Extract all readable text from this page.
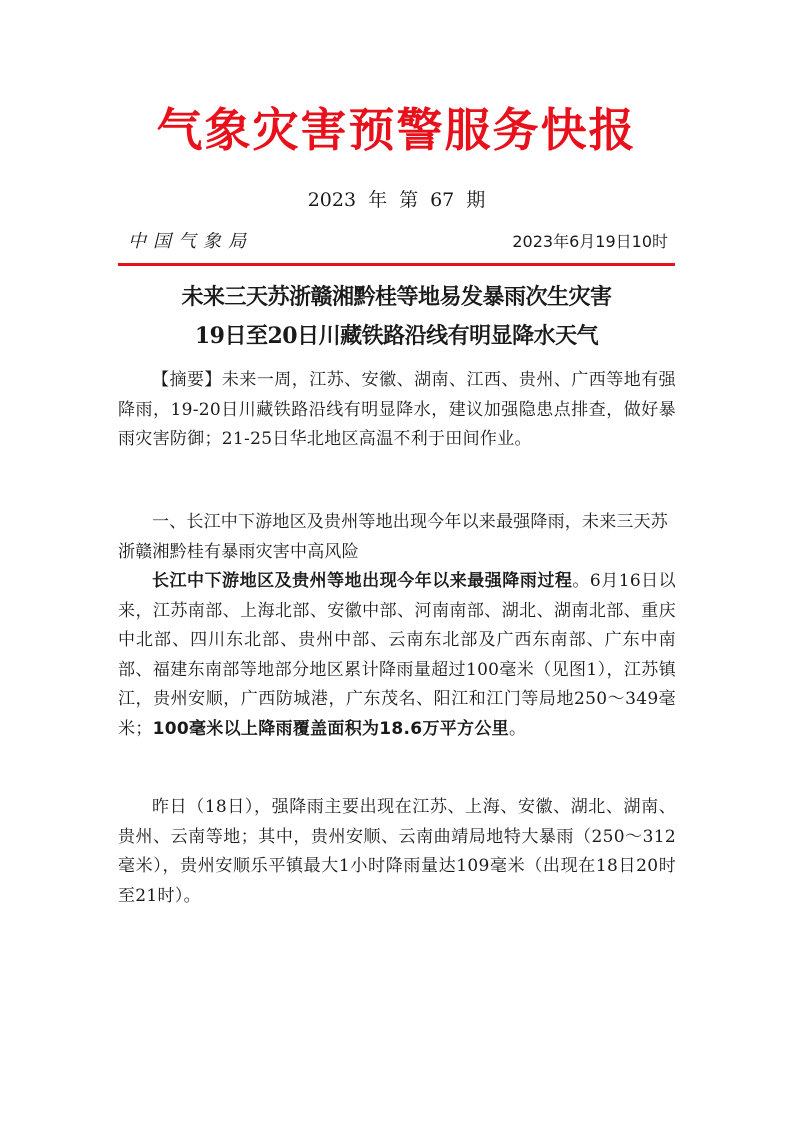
气象灾害预警服务快报
2023 年 第 67 期
中国气象局	2023年6月19日10时
未来三天苏浙赣湘黔桂等地易发暴雨次生灾害
19日至20日川藏铁路沿线有明显降水天气
【摘要】未来一周，江苏、安徽、湖南、江西、贵州、广西等地有强降雨，19-20日川藏铁路沿线有明显降水，建议加强隐患点排查，做好暴雨灾害防御；21-25日华北地区高温不利于田间作业。
一、长江中下游地区及贵州等地出现今年以来最强降雨，未来三天苏浙赣湘黔桂有暴雨灾害中高风险
长江中下游地区及贵州等地出现今年以来最强降雨过程。6月16日以来，江苏南部、上海北部、安徽中部、河南南部、湖北、湖南北部、重庆中北部、四川东北部、贵州中部、云南东北部及广西东南部、广东中南部、福建东南部等地部分地区累计降雨量超过100毫米（见图1），江苏镇江，贵州安顺，广西防城港，广东茂名、阳江和江门等局地250～349毫米；100毫米以上降雨覆盖面积为18.6万平方公里。
昨日（18日），强降雨主要出现在江苏、上海、安徽、湖北、湖南、贵州、云南等地；其中，贵州安顺、云南曲靖局地特大暴雨（250～312毫米），贵州安顺乐平镇最大1小时降雨量达109毫米（出现在18日20时至21时）。
